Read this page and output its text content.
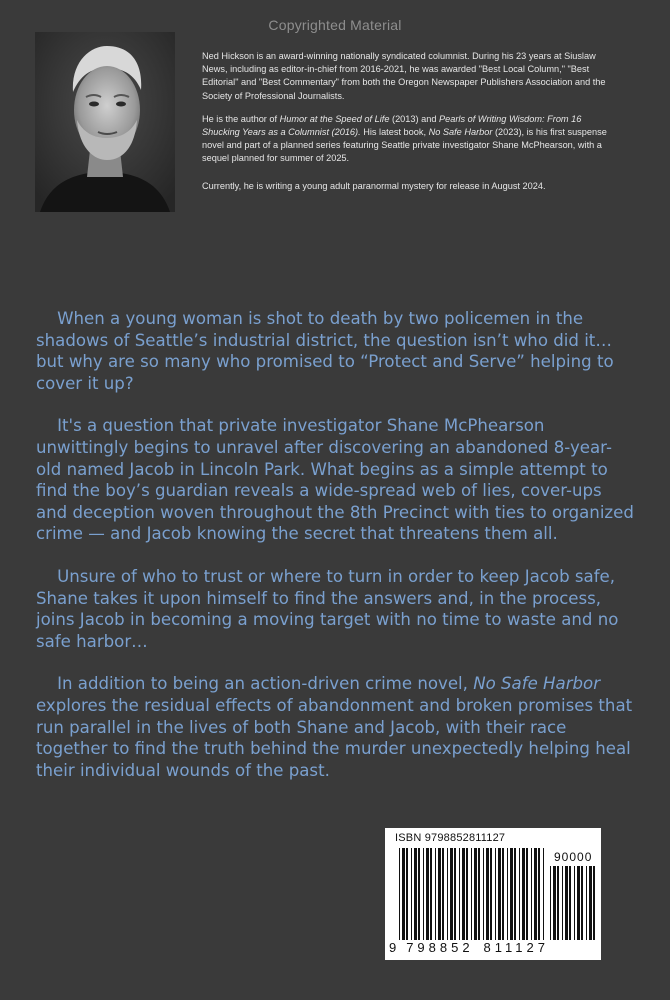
Copyrighted Material

Ned Hickson is an award-winning nationally syndicated columnist. During his 23 years at Siuslaw News, including as editor-in-chief from 2016-2021, he was awarded "Best Local Column," "Best Editorial" and "Best Commentary" from both the Oregon Newspaper Publishers Association and the Society of Professional Journalists.

He is the author of Humor at the Speed of Life (2013) and Pearls of Writing Wisdom: From 16 Shucking Years as a Columnist (2016). His latest book, No Safe Harbor (2023), is his first suspense novel and part of a planned series featuring Seattle private investigator Shane McPhearson, with a sequel planned for summer of 2025.

Currently, he is writing a young adult paranormal mystery for release in August 2024.

When a young woman is shot to death by two policemen in the shadows of Seattle’s industrial district, the question isn’t who did it… but why are so many who promised to “Protect and Serve” helping to cover it up?

It's a question that private investigator Shane McPhearson unwittingly begins to unravel after discovering an abandoned 8-year-old named Jacob in Lincoln Park. What begins as a simple attempt to find the boy’s guardian reveals a wide-spread web of lies, cover-ups and deception woven throughout the 8th Precinct with ties to organized crime — and Jacob knowing the secret that threatens them all.

Unsure of who to trust or where to turn in order to keep Jacob safe, Shane takes it upon himself to find the answers and, in the process, joins Jacob in becoming a moving target with no time to waste and no safe harbor…

In addition to being an action-driven crime novel, No Safe Harbor explores the residual effects of abandonment and broken promises that run parallel in the lives of both Shane and Jacob, with their race together to find the truth behind the murder unexpectedly helping heal their individual wounds of the past.

ISBN 9798852811127
90000
9 798852 811127
